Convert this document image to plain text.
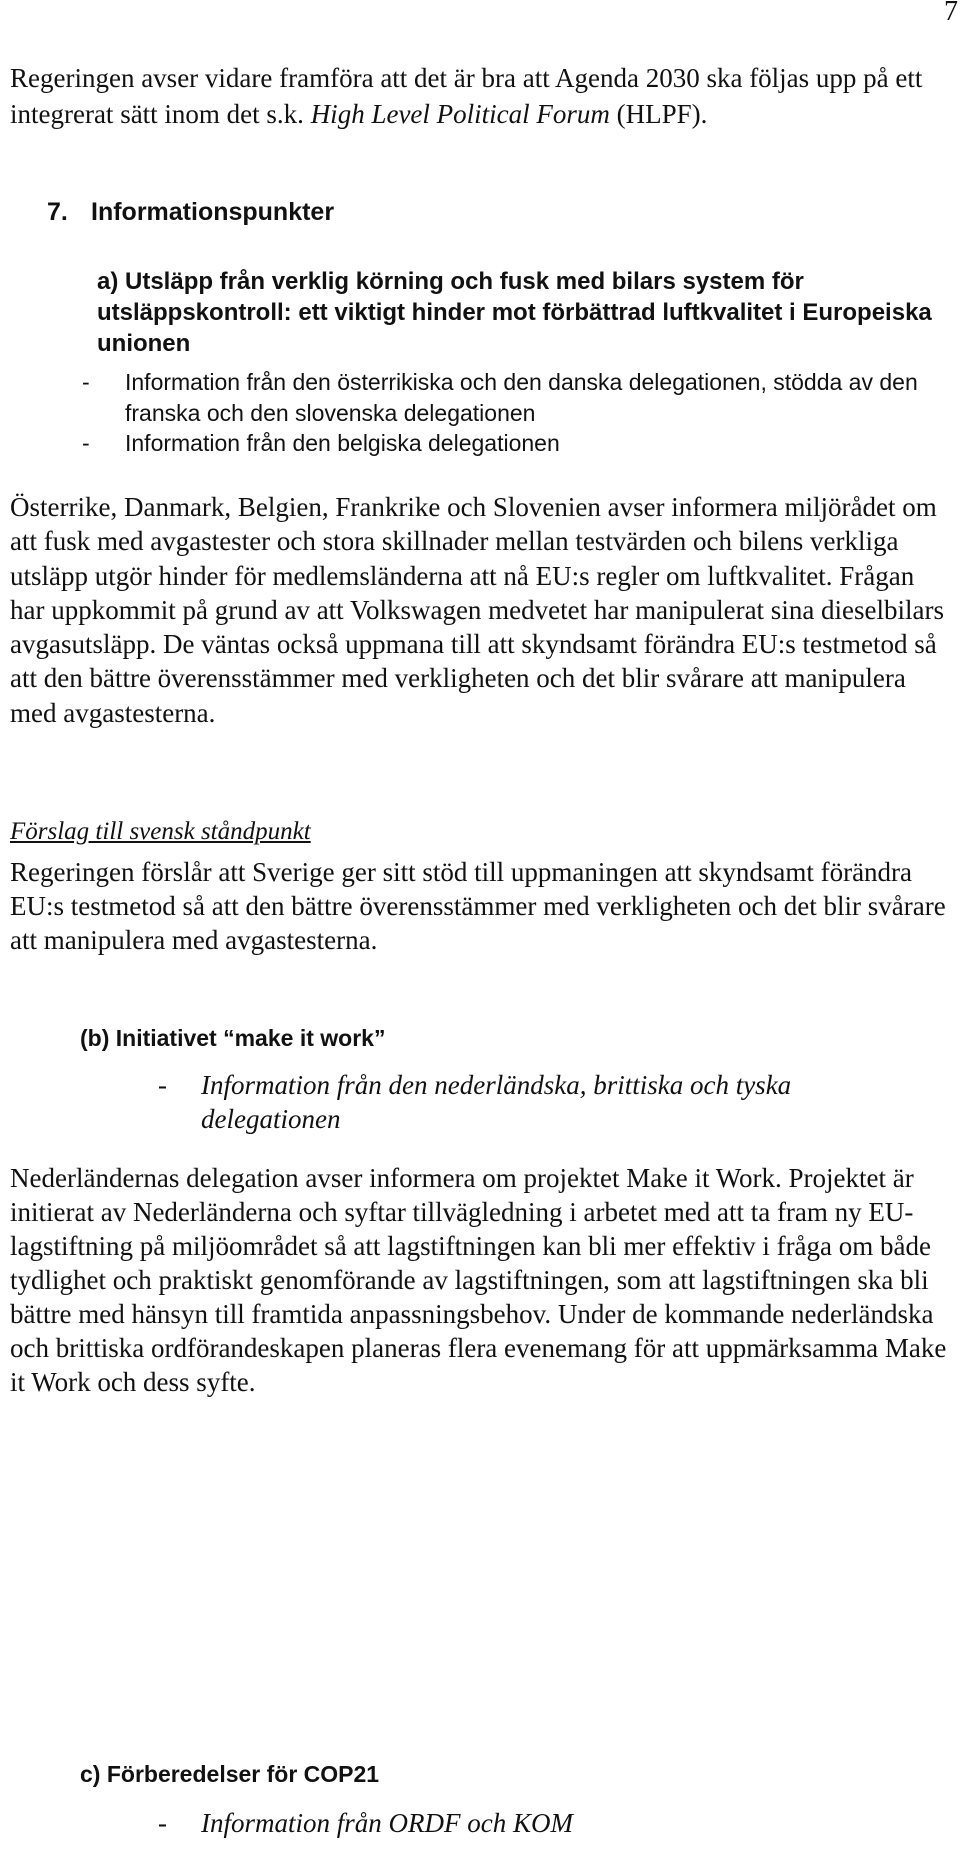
7
Regeringen avser vidare framföra att det är bra att Agenda 2030 ska följas upp på ett integrerat sätt inom det s.k. High Level Political Forum (HLPF).
7. Informationspunkter
a) Utsläpp från verklig körning och fusk med bilars system för utsläppskontroll: ett viktigt hinder mot förbättrad luftkvalitet i Europeiska unionen
- Information från den österrikiska och den danska delegationen, stödda av den franska och den slovenska delegationen
- Information från den belgiska delegationen
Österrike, Danmark, Belgien, Frankrike och Slovenien avser informera miljörådet om att fusk med avgastester och stora skillnader mellan testvärden och bilens verkliga utsläpp utgör hinder för medlemsländerna att nå EU:s regler om luftkvalitet. Frågan har uppkommit på grund av att Volkswagen medvetet har manipulerat sina dieselbilars avgasutsläpp. De väntas också uppmana till att skyndsamt förändra EU:s testmetod så att den bättre överensstämmer med verkligheten och det blir svårare att manipulera med avgastesterna.
Förslag till svensk ståndpunkt
Regeringen förslår att Sverige ger sitt stöd till uppmaningen att skyndsamt förändra EU:s testmetod så att den bättre överensstämmer med verkligheten och det blir svårare att manipulera med avgastesterna.
(b) Initiativet “make it work”
- Information från den nederländska, brittiska och tyska delegationen
Nederländernas delegation avser informera om projektet Make it Work. Projektet är initierat av Nederländerna och syftar tillvägledning i arbetet med att ta fram ny EU-lagstiftning på miljöområdet så att lagstiftningen kan bli mer effektiv i fråga om både tydlighet och praktiskt genomförande av lagstiftningen, som att lagstiftningen ska bli bättre med hänsyn till framtida anpassningsbehov. Under de kommande nederländska och brittiska ordförandeskapen planeras flera evenemang för att uppmärksamma Make it Work och dess syfte.
c) Förberedelser för COP21
- Information från ORDF och KOM
